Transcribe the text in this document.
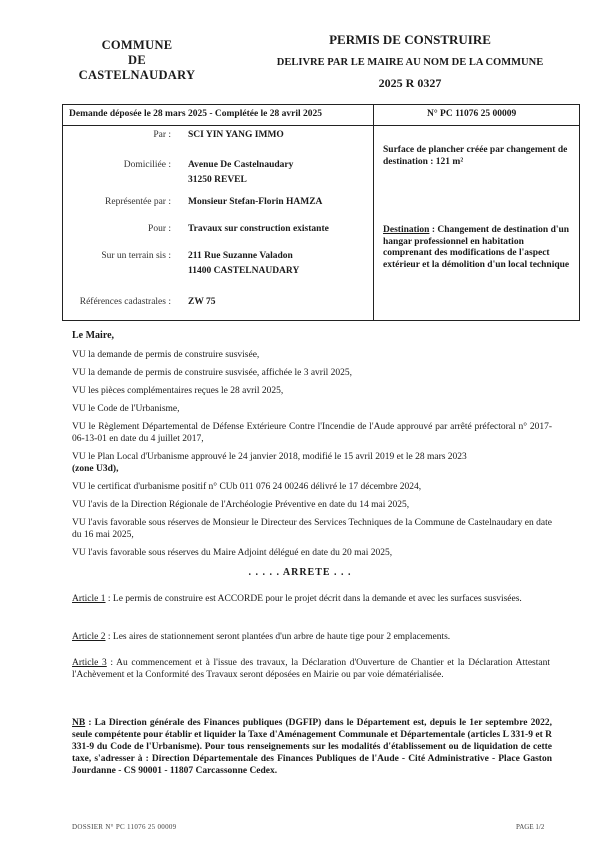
COMMUNE
DE
CASTELNAUDARY
PERMIS DE CONSTRUIRE
DELIVRE PAR LE MAIRE AU NOM DE LA COMMUNE
2025 R 0327
Demande déposée le 28 mars 2025 - Complétée le 28 avril 2025	N° PC 11076 25 00009
Par : SCI YIN YANG IMMO
Domiciliée : Avenue De Castelnaudary
31250 REVEL
Représentée par : Monsieur Stefan-Florin HAMZA
Pour : Travaux sur construction existante
Sur un terrain sis : 211 Rue Suzanne Valadon
11400 CASTELNAUDARY
Références cadastrales : ZW 75
Surface de plancher créée par changement de destination : 121 m²
Destination : Changement de destination d'un hangar professionnel en habitation comprenant des modifications de l'aspect extérieur et la démolition d'un local technique
Le Maire,
VU la demande de permis de construire susvisée,
VU la demande de permis de construire susvisée, affichée le 3 avril 2025,
VU les pièces complémentaires reçues le 28 avril 2025,
VU le Code de l'Urbanisme,
VU le Règlement Départemental de Défense Extérieure Contre l'Incendie de l'Aude approuvé par arrêté préfectoral n° 2017-06-13-01 en date du 4 juillet 2017,
VU le Plan Local d'Urbanisme approuvé le 24 janvier 2018, modifié le 15 avril 2019 et le 28 mars 2023
(zone U3d),
VU le certificat d'urbanisme positif n° CUb 011 076 24 00246 délivré le 17 décembre 2024,
VU l'avis de la Direction Régionale de l'Archéologie Préventive en date du 14 mai 2025,
VU l'avis favorable sous réserves de Monsieur le Directeur des Services Techniques de la Commune de Castelnaudary en date du 16 mai 2025,
VU l'avis favorable sous réserves du Maire Adjoint délégué en date du 20 mai 2025,
. . . . . ARRETE . . .
Article 1 : Le permis de construire est ACCORDE pour le projet décrit dans la demande et avec les surfaces susvisées.
Article 2 : Les aires de stationnement seront plantées d'un arbre de haute tige pour 2 emplacements.
Article 3 : Au commencement et à l'issue des travaux, la Déclaration d'Ouverture de Chantier et la Déclaration Attestant l'Achèvement et la Conformité des Travaux seront déposées en Mairie ou par voie dématérialisée.
NB : La Direction générale des Finances publiques (DGFIP) dans le Département est, depuis le 1er septembre 2022, seule compétente pour établir et liquider la Taxe d'Aménagement Communale et Départementale (articles L 331-9 et R 331-9 du Code de l'Urbanisme). Pour tous renseignements sur les modalités d'établissement ou de liquidation de cette taxe, s'adresser à : Direction Départementale des Finances Publiques de l'Aude - Cité Administrative - Place Gaston Jourdanne - CS 90001 - 11807 Carcassonne Cedex.
DOSSIER N° PC 11076 25 00009	PAGE 1/2
